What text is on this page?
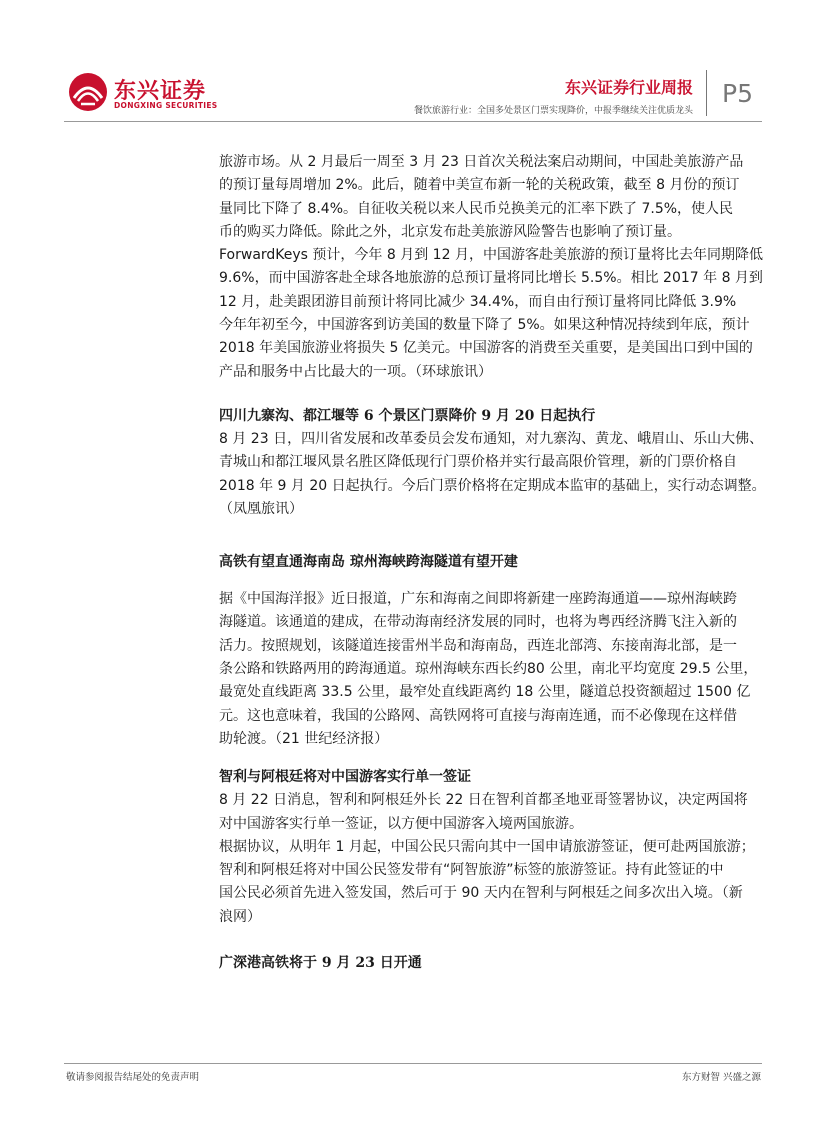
东兴证券
DONGXING SECURITIES
东兴证券行业周报
餐饮旅游行业：全国多处景区门票实现降价，中报季继续关注优质龙头
P5

旅游市场。从 2 月最后一周至 3 月 23 日首次关税法案启动期间，中国赴美旅游产品

的预订量每周增加 2%。此后，随着中美宣布新一轮的关税政策，截至 8 月份的预订

量同比下降了 8.4%。自征收关税以来人民币兑换美元的汇率下跌了 7.5%，使人民

币的购买力降低。除此之外，北京发布赴美旅游风险警告也影响了预订量。

ForwardKeys 预计，今年 8 月到 12 月，中国游客赴美旅游的预订量将比去年同期降低

9.6%，而中国游客赴全球各地旅游的总预订量将同比增长 5.5%。相比 2017 年 8 月到

12 月，赴美跟团游目前预计将同比减少 34.4%，而自由行预订量将同比降低 3.9%

今年年初至今，中国游客到访美国的数量下降了 5%。如果这种情况持续到年底，预计

2018 年美国旅游业将损失 5 亿美元。中国游客的消费至关重要，是美国出口到中国的

产品和服务中占比最大的一项。（环球旅讯）

四川九寨沟、都江堰等 6 个景区门票降价 9 月 20 日起执行

8 月 23 日，四川省发展和改革委员会发布通知，对九寨沟、黄龙、峨眉山、乐山大佛、

青城山和都江堰风景名胜区降低现行门票价格并实行最高限价管理，新的门票价格自

2018 年 9 月 20 日起执行。今后门票价格将在定期成本监审的基础上，实行动态调整。

（凤凰旅讯）

高铁有望直通海南岛 琼州海峡跨海隧道有望开建

据《中国海洋报》近日报道，广东和海南之间即将新建一座跨海通道——琼州海峡跨

海隧道。该通道的建成，在带动海南经济发展的同时，也将为粤西经济腾飞注入新的

活力。按照规划，该隧道连接雷州半岛和海南岛，西连北部湾、东接南海北部，是一

条公路和铁路两用的跨海通道。琼州海峡东西长约80 公里，南北平均宽度 29.5 公里，

最宽处直线距离 33.5 公里，最窄处直线距离约 18 公里，隧道总投资额超过 1500 亿

元。这也意味着，我国的公路网、高铁网将可直接与海南连通，而不必像现在这样借

助轮渡。（21 世纪经济报）

智利与阿根廷将对中国游客实行单一签证

8 月 22 日消息，智利和阿根廷外长 22 日在智利首都圣地亚哥签署协议，决定两国将

对中国游客实行单一签证，以方便中国游客入境两国旅游。

根据协议，从明年 1 月起，中国公民只需向其中一国申请旅游签证，便可赴两国旅游；

智利和阿根廷将对中国公民签发带有“阿智旅游”标签的旅游签证。持有此签证的中

国公民必须首先进入签发国，然后可于 90 天内在智利与阿根廷之间多次出入境。（新

浪网）

广深港高铁将于 9 月 23 日开通

敬请参阅报告结尾处的免责声明	东方财智 兴盛之源
